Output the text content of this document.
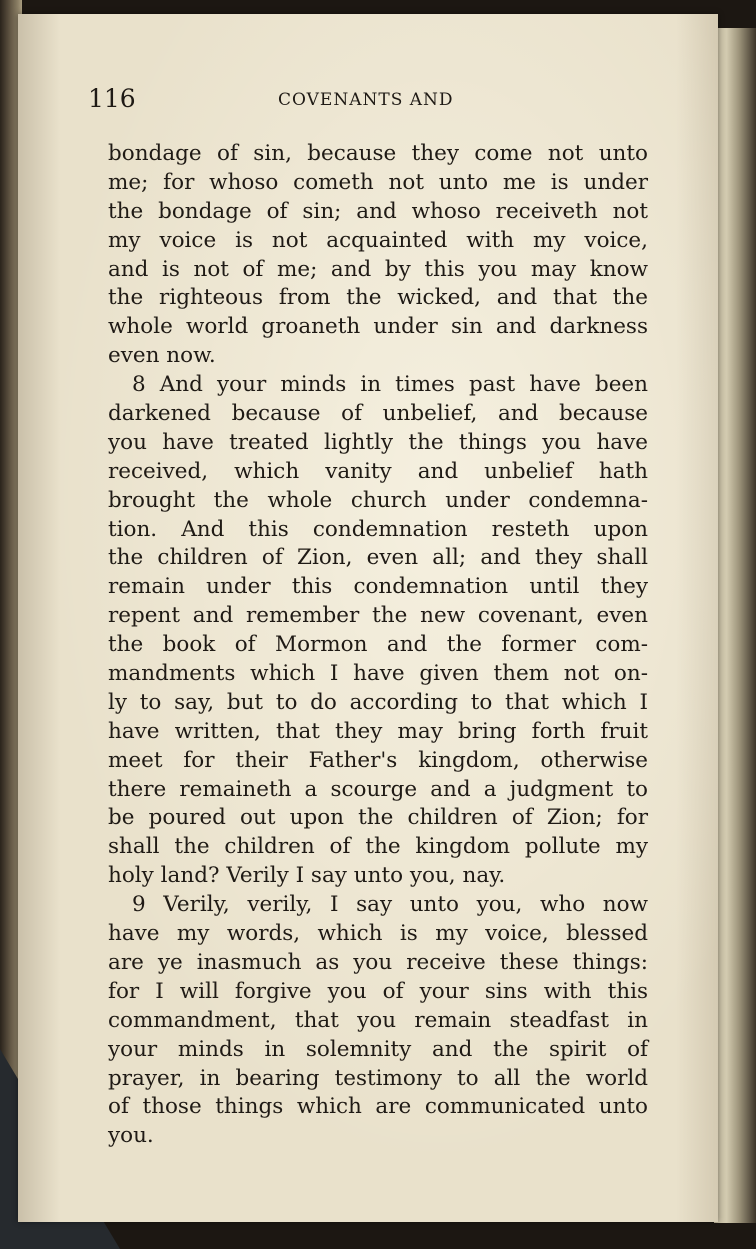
116	COVENANTS AND
bondage of sin, because they come not unto
me; for whoso cometh not unto me is under
the bondage of sin; and whoso receiveth not
my voice is not acquainted with my voice,
and is not of me; and by this you may know
the righteous from the wicked, and that the
whole world groaneth under sin and darkness
even now.
8 And your minds in times past have been
darkened because of unbelief, and because
you have treated lightly the things you have
received, which vanity and unbelief hath
brought the whole church under condemna-
tion. And this condemnation resteth upon
the children of Zion, even all; and they shall
remain under this condemnation until they
repent and remember the new covenant, even
the book of Mormon and the former com-
mandments which I have given them not on-
ly to say, but to do according to that which I
have written, that they may bring forth fruit
meet for their Father's kingdom, otherwise
there remaineth a scourge and a judgment to
be poured out upon the children of Zion; for
shall the children of the kingdom pollute my
holy land? Verily I say unto you, nay.
9 Verily, verily, I say unto you, who now
have my words, which is my voice, blessed
are ye inasmuch as you receive these things:
for I will forgive you of your sins with this
commandment, that you remain steadfast in
your minds in solemnity and the spirit of
prayer, in bearing testimony to all the world
of those things which are communicated unto
you.
